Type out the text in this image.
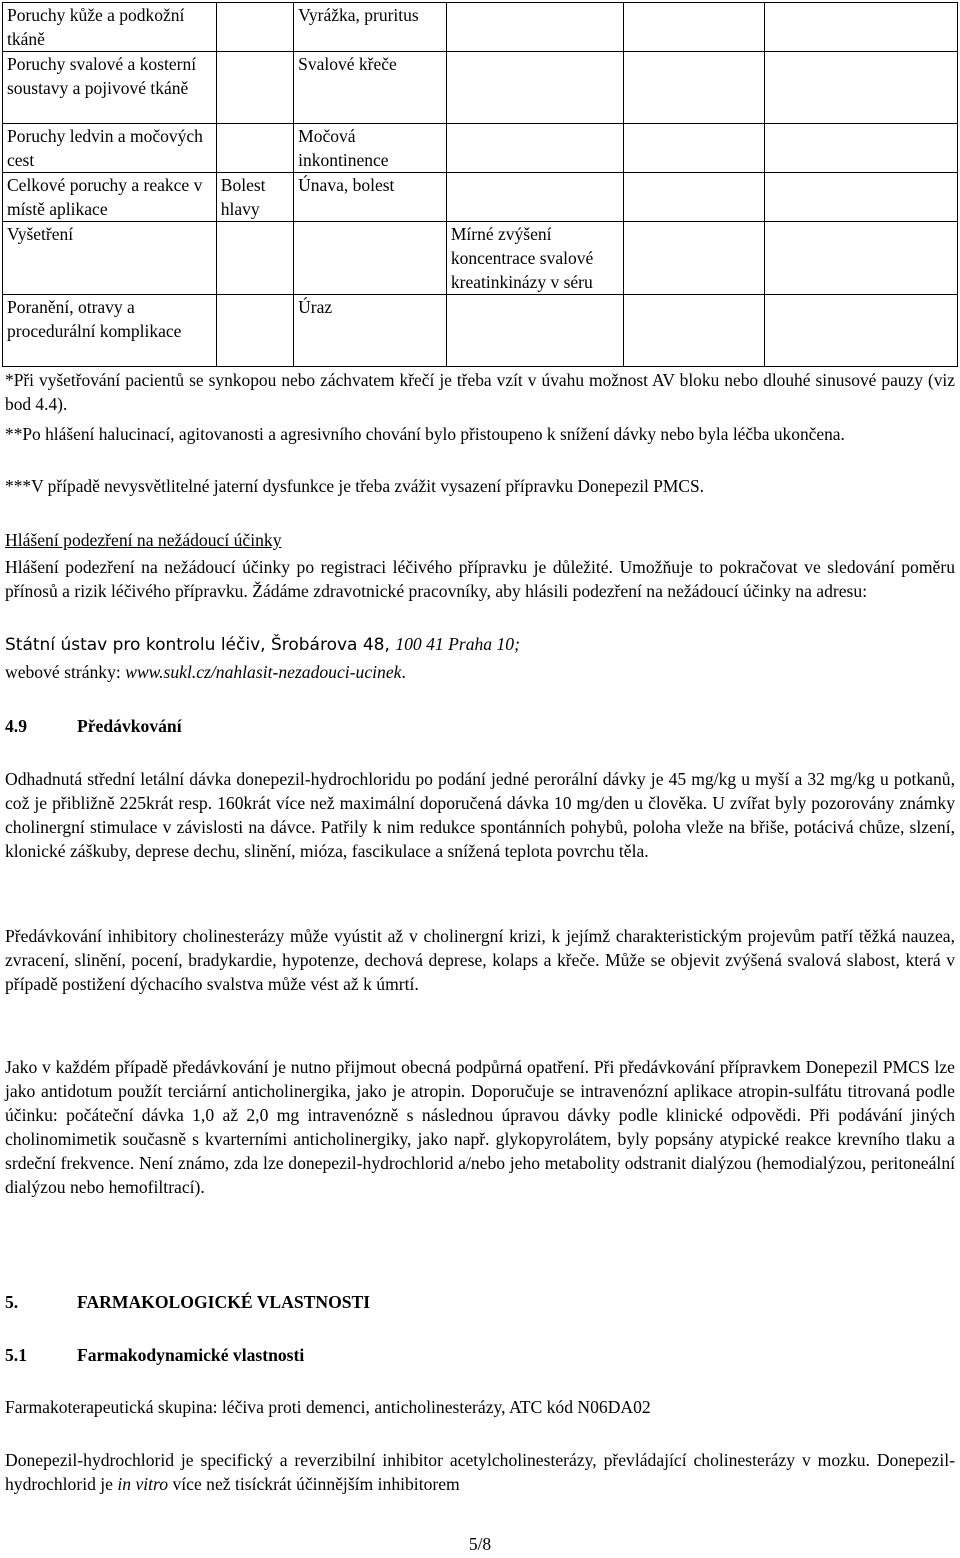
Poruchy kůže a podkožní tkáně		Vyrážka, pruritus			
Poruchy svalové a kosterní soustavy a pojivové tkáně		Svalové křeče			
Poruchy ledvin a močových cest		Močová inkontinence			
Celkové poruchy a reakce v místě aplikace	Bolest hlavy	Únava, bolest			
Vyšetření			Mírné zvýšení koncentrace svalové kreatinkinázy v séru		
Poranění, otravy a procedurální komplikace		Úraz			
*Při vyšetřování pacientů se synkopou nebo záchvatem křečí je třeba vzít v úvahu možnost AV bloku nebo dlouhé sinusové pauzy (viz bod 4.4).
**Po hlášení halucinací, agitovanosti a agresivního chování bylo přistoupeno k snížení dávky nebo byla léčba ukončena.
***V případě nevysvětlitelné jaterní dysfunkce je třeba zvážit vysazení přípravku Donepezil PMCS.
Hlášení podezření na nežádoucí účinky
Hlášení podezření na nežádoucí účinky po registraci léčivého přípravku je důležité. Umožňuje to pokračovat ve sledování poměru přínosů a rizik léčivého přípravku. Žádáme zdravotnické pracovníky, aby hlásili podezření na nežádoucí účinky na adresu:
Státní ústav pro kontrolu léčiv, Šrobárova 48, 100 41 Praha 10;
webové stránky: www.sukl.cz/nahlasit-nezadouci-ucinek.
4.9	Předávkování
Odhadnutá střední letální dávka donepezil-hydrochloridu po podání jedné perorální dávky je 45 mg/kg u myší a 32 mg/kg u potkanů, což je přibližně 225krát resp. 160krát více než maximální doporučená dávka 10 mg/den u člověka. U zvířat byly pozorovány známky cholinergní stimulace v závislosti na dávce. Patřily k nim redukce spontánních pohybů, poloha vleže na břiše, potácivá chůze, slzení, klonické záškuby, deprese dechu, slinění, mióza, fascikulace a snížená teplota povrchu těla.
Předávkování inhibitory cholinesterázy může vyústit až v cholinergní krizi, k jejímž charakteristickým projevům patří těžká nauzea, zvracení, slinění, pocení, bradykardie, hypotenze, dechová deprese, kolaps a křeče. Může se objevit zvýšená svalová slabost, která v případě postižení dýchacího svalstva může vést až k úmrtí.
Jako v každém případě předávkování je nutno přijmout obecná podpůrná opatření. Při předávkování přípravkem Donepezil PMCS lze jako antidotum použít terciární anticholinergika, jako je atropin. Doporučuje se intravenózní aplikace atropin-sulfátu titrovaná podle účinku: počáteční dávka 1,0 až 2,0 mg intravenózně s následnou úpravou dávky podle klinické odpovědi. Při podávání jiných cholinomimetik současně s kvarterními anticholinergiky, jako např. glykopyrolátem, byly popsány atypické reakce krevního tlaku a srdeční frekvence. Není známo, zda lze donepezil-hydrochlorid a/nebo jeho metabolity odstranit dialýzou (hemodialýzou, peritoneální dialýzou nebo hemofiltrací).
5.	FARMAKOLOGICKÉ VLASTNOSTI
5.1	Farmakodynamické vlastnosti
Farmakoterapeutická skupina: léčiva proti demenci, anticholinesterázy, ATC kód N06DA02
Donepezil-hydrochlorid je specifický a reverzibilní inhibitor acetylcholinesterázy, převládající cholinesterázy v mozku. Donepezil-hydrochlorid je in vitro více než tisíckrát účinnějším inhibitorem
5/8
